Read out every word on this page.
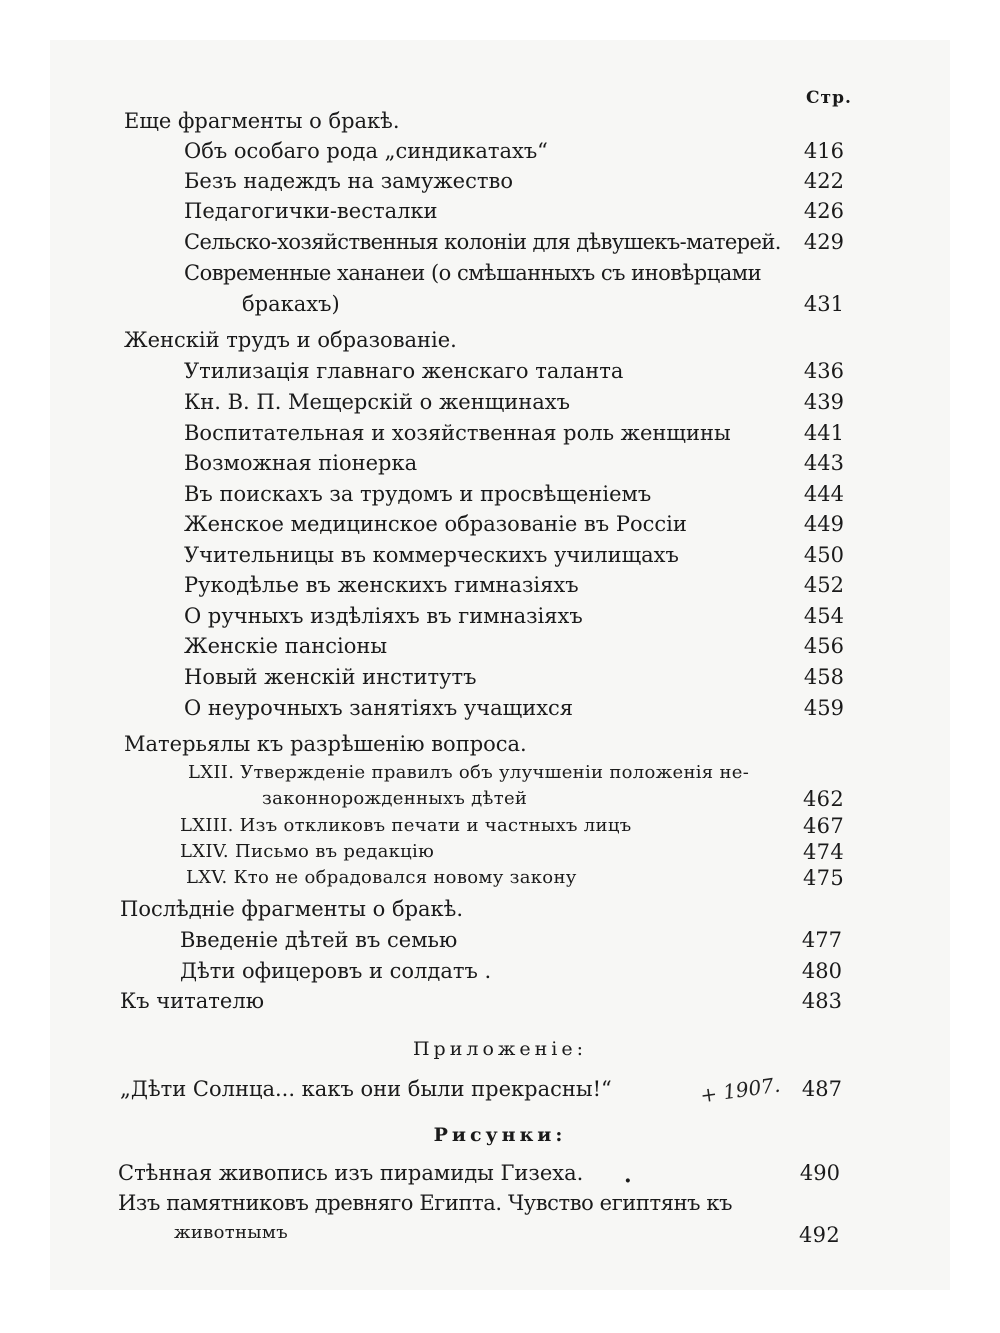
Стр.
Еще фрагменты о бракѣ.
Объ особаго рода „синдикатахъ“	416
Безъ надеждъ на замужество	422
Педагогички-весталки	426
Сельско-хозяйственныя колоніи для дѣвушекъ-матерей. 429
Современные хананеи (о смѣшанныхъ съ иновѣрцами
бракахъ)	431
Женскій трудъ и образованіе.
Утилизація главнаго женскаго таланта	436
Кн. В. П. Мещерскій о женщинахъ	439
Воспитательная и хозяйственная роль женщины	441
Возможная піонерка	443
Въ поискахъ за трудомъ и просвѣщеніемъ	444
Женское медицинское образованіе въ Россіи	449
Учительницы въ коммерческихъ училищахъ	450
Рукодѣлье въ женскихъ гимназіяхъ	452
О ручныхъ издѣліяхъ въ гимназіяхъ	454
Женскіе пансіоны	456
Новый женскій институтъ	458
О неурочныхъ занятіяхъ учащихся	459
Матерьялы къ разрѣшенію вопроса.
LXII. Утвержденіе правилъ объ улучшеніи положенія не-
законнорожденныхъ дѣтей	462
LXIII. Изъ откликовъ печати и частныхъ лицъ	467
LXIV. Письмо въ редакцію	474
LXV. Кто не обрадовался новому закону	475
Послѣдніе фрагменты о бракѣ.
Введеніе дѣтей въ семью	477
Дѣти офицеровъ и солдатъ .	480
Къ читателю	483
Приложеніе:
„Дѣти Солнца... какъ они были прекрасны!“	487
+ 1907.
Рисунки:
Стѣнная живопись изъ пирамиды Гизеха.	490
·
Изъ памятниковъ древняго Египта. Чувство египтянъ къ
животнымъ	492
